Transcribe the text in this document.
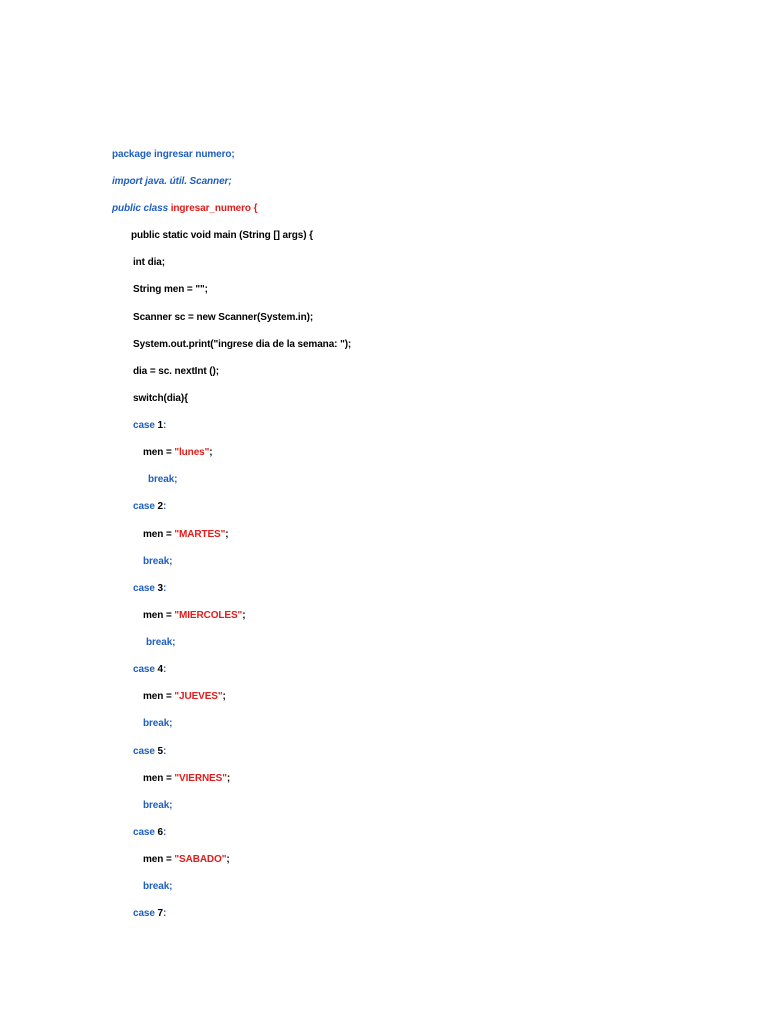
package ingresar numero;
import java. útil. Scanner;
public class ingresar_numero {
public static void main (String [] args) {
int dia;
String men = "";
Scanner sc = new Scanner(System.in);
System.out.print("ingrese dia de la semana: ");
dia = sc. nextInt ();
switch(dia){
case 1:
men = "lunes";
break;
case 2:
men = "MARTES";
break;
case 3:
men = "MIERCOLES";
break;
case 4:
men = "JUEVES";
break;
case 5:
men = "VIERNES";
break;
case 6:
men = "SABADO";
break;
case 7:
